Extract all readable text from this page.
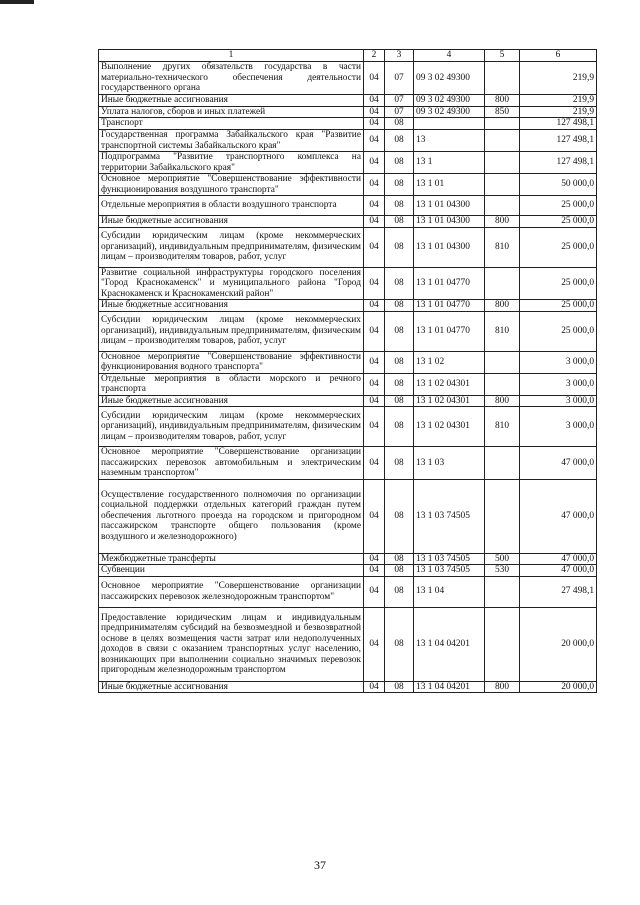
1	2	3	4	5	6
Выполнение других обязательств государства в части материально-технического обеспечения деятельности государственного органа	04	07	09 3 02 49300		219,9
Иные бюджетные ассигнования	04	07	09 3 02 49300	800	219,9
Уплата налогов, сборов и иных платежей	04	07	09 3 02 49300	850	219,9
Транспорт	04	08			127 498,1
Государственная программа Забайкальского края "Развитие транспортной системы Забайкальского края"	04	08	13		127 498,1
Подпрограмма "Развитие транспортного комплекса на территории Забайкальского края"	04	08	13 1		127 498,1
Основное мероприятие "Совершенствование эффективности функционирования воздушного транспорта"	04	08	13 1 01		50 000,0
Отдельные мероприятия в области воздушного транспорта	04	08	13 1 01 04300		25 000,0
Иные бюджетные ассигнования	04	08	13 1 01 04300	800	25 000,0
Субсидии юридическим лицам (кроме некоммерческих организаций), индивидуальным предпринимателям, физическим лицам – производителям товаров, работ, услуг	04	08	13 1 01 04300	810	25 000,0
Развитие социальной инфраструктуры городского поселения "Город Краснокаменск" и муниципального района "Город Краснокаменск и Краснокаменский район"	04	08	13 1 01 04770		25 000,0
Иные бюджетные ассигнования	04	08	13 1 01 04770	800	25 000,0
Субсидии юридическим лицам (кроме некоммерческих организаций), индивидуальным предпринимателям, физическим лицам – производителям товаров, работ, услуг	04	08	13 1 01 04770	810	25 000,0
Основное мероприятие "Совершенствование эффективности функционирования водного транспорта"	04	08	13 1 02		3 000,0
Отдельные мероприятия в области морского и речного транспорта	04	08	13 1 02 04301		3 000,0
Иные бюджетные ассигнования	04	08	13 1 02 04301	800	3 000,0
Субсидии юридическим лицам (кроме некоммерческих организаций), индивидуальным предпринимателям, физическим лицам – производителям товаров, работ, услуг	04	08	13 1 02 04301	810	3 000,0
Основное мероприятие "Совершенствование организации пассажирских перевозок автомобильным и электрическим наземным транспортом"	04	08	13 1 03		47 000,0
Осуществление государственного полномочия по организации социальной поддержки отдельных категорий граждан путем обеспечения льготного проезда на городском и пригородном пассажирском транспорте общего пользования (кроме воздушного и железнодорожного)	04	08	13 1 03 74505		47 000,0
Межбюджетные трансферты	04	08	13 1 03 74505	500	47 000,0
Субвенции	04	08	13 1 03 74505	530	47 000,0
Основное мероприятие "Совершенствование организации пассажирских перевозок железнодорожным транспортом"	04	08	13 1 04		27 498,1
Предоставление юридическим лицам и индивидуальным предпринимателям субсидий на безвозмездной и безвозвратной основе в целях возмещения части затрат или недополученных доходов в связи с оказанием транспортных услуг населению, возникающих при выполнении социально значимых перевозок пригородным железнодорожным транспортом	04	08	13 1 04 04201		20 000,0
Иные бюджетные ассигнования	04	08	13 1 04 04201	800	20 000,0
37
